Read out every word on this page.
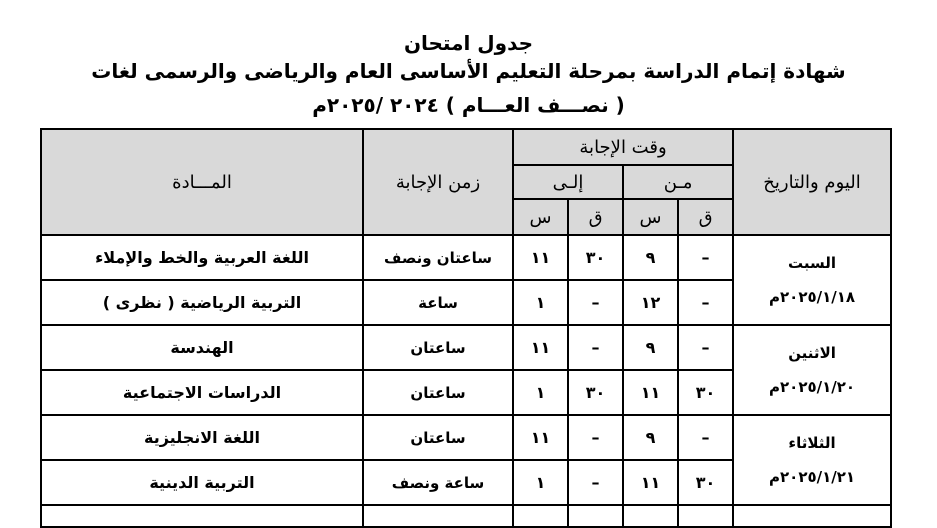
جدول امتحان
شهادة إتمام الدراسة بمرحلة التعليم الأساسى العام والرياضى والرسمى لغات
( نصـــف العـــام ) ٢٠٢٤ /٢٠٢٥م
اليوم والتاريخ	وقت الإجابة				زمن الإجابة	المـــادة
	مـن		إلـى			
	ق	س	ق	س		

السبت
٢٠٢٥/١/١٨م	–	٩	٣٠	١١	ساعتان ونصف	اللغة العربية والخط والإملاء
	–	١٢	–	١	ساعة	التربية الرياضية ( نظرى )

الاثنين
٢٠٢٥/١/٢٠م	–	٩	–	١١	ساعتان	الهندسة
	٣٠	١١	٣٠	١	ساعتان	الدراسات الاجتماعية

الثلاثاء
٢٠٢٥/١/٢١م	–	٩	–	١١	ساعتان	اللغة الانجليزية
	٣٠	١١	–	١	ساعة ونصف	التربية الدينية
